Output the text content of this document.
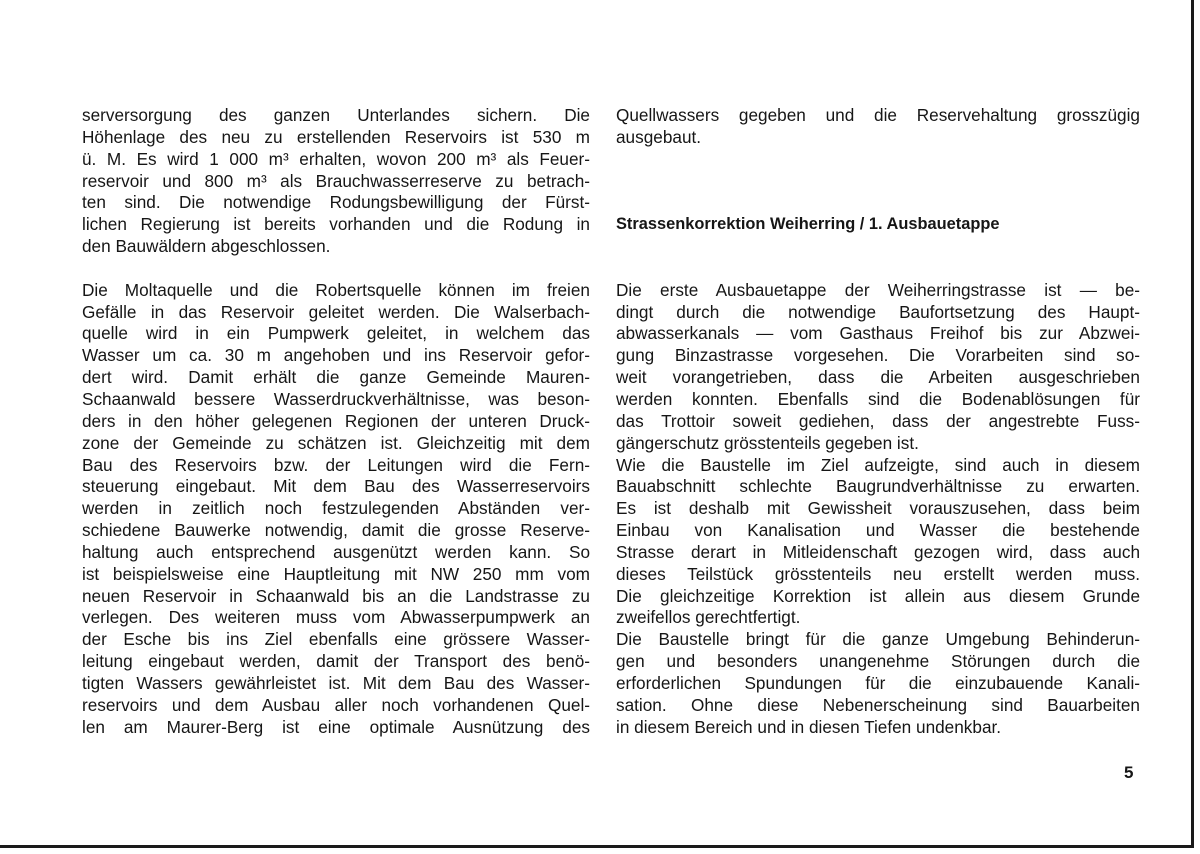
serversorgung des ganzen Unterlandes sichern. Die
Höhenlage des neu zu erstellenden Reservoirs ist 530 m
ü. M. Es wird 1 000 m³ erhalten, wovon 200 m³ als Feuer-
reservoir und 800 m³ als Brauchwasserreserve zu betrach-
ten sind. Die notwendige Rodungsbewilligung der Fürst-
lichen Regierung ist bereits vorhanden und die Rodung in
den Bauwäldern abgeschlossen.
Die Moltaquelle und die Robertsquelle können im freien
Gefälle in das Reservoir geleitet werden. Die Walserbach-
quelle wird in ein Pumpwerk geleitet, in welchem das
Wasser um ca. 30 m angehoben und ins Reservoir gefor-
dert wird. Damit erhält die ganze Gemeinde Mauren-
Schaanwald bessere Wasserdruckverhältnisse, was beson-
ders in den höher gelegenen Regionen der unteren Druck-
zone der Gemeinde zu schätzen ist. Gleichzeitig mit dem
Bau des Reservoirs bzw. der Leitungen wird die Fern-
steuerung eingebaut. Mit dem Bau des Wasserreservoirs
werden in zeitlich noch festzulegenden Abständen ver-
schiedene Bauwerke notwendig, damit die grosse Reserve-
haltung auch entsprechend ausgenützt werden kann. So
ist beispielsweise eine Hauptleitung mit NW 250 mm vom
neuen Reservoir in Schaanwald bis an die Landstrasse zu
verlegen. Des weiteren muss vom Abwasserpumpwerk an
der Esche bis ins Ziel ebenfalls eine grössere Wasser-
leitung eingebaut werden, damit der Transport des benö-
tigten Wassers gewährleistet ist. Mit dem Bau des Wasser-
reservoirs und dem Ausbau aller noch vorhandenen Quel-
len am Maurer-Berg ist eine optimale Ausnützung des
Quellwassers gegeben und die Reservehaltung grosszügig
ausgebaut.
Strassenkorrektion Weiherring / 1. Ausbauetappe
Die erste Ausbauetappe der Weiherringstrasse ist — be-
dingt durch die notwendige Baufortsetzung des Haupt-
abwasserkanals — vom Gasthaus Freihof bis zur Abzwei-
gung Binzastrasse vorgesehen. Die Vorarbeiten sind so-
weit vorangetrieben, dass die Arbeiten ausgeschrieben
werden konnten. Ebenfalls sind die Bodenablösungen für
das Trottoir soweit gediehen, dass der angestrebte Fuss-
gängerschutz grösstenteils gegeben ist.
Wie die Baustelle im Ziel aufzeigte, sind auch in diesem
Bauabschnitt schlechte Baugrundverhältnisse zu erwarten.
Es ist deshalb mit Gewissheit vorauszusehen, dass beim
Einbau von Kanalisation und Wasser die bestehende
Strasse derart in Mitleidenschaft gezogen wird, dass auch
dieses Teilstück grösstenteils neu erstellt werden muss.
Die gleichzeitige Korrektion ist allein aus diesem Grunde
zweifellos gerechtfertigt.
Die Baustelle bringt für die ganze Umgebung Behinderun-
gen und besonders unangenehme Störungen durch die
erforderlichen Spundungen für die einzubauende Kanali-
sation. Ohne diese Nebenerscheinung sind Bauarbeiten
in diesem Bereich und in diesen Tiefen undenkbar.
5
